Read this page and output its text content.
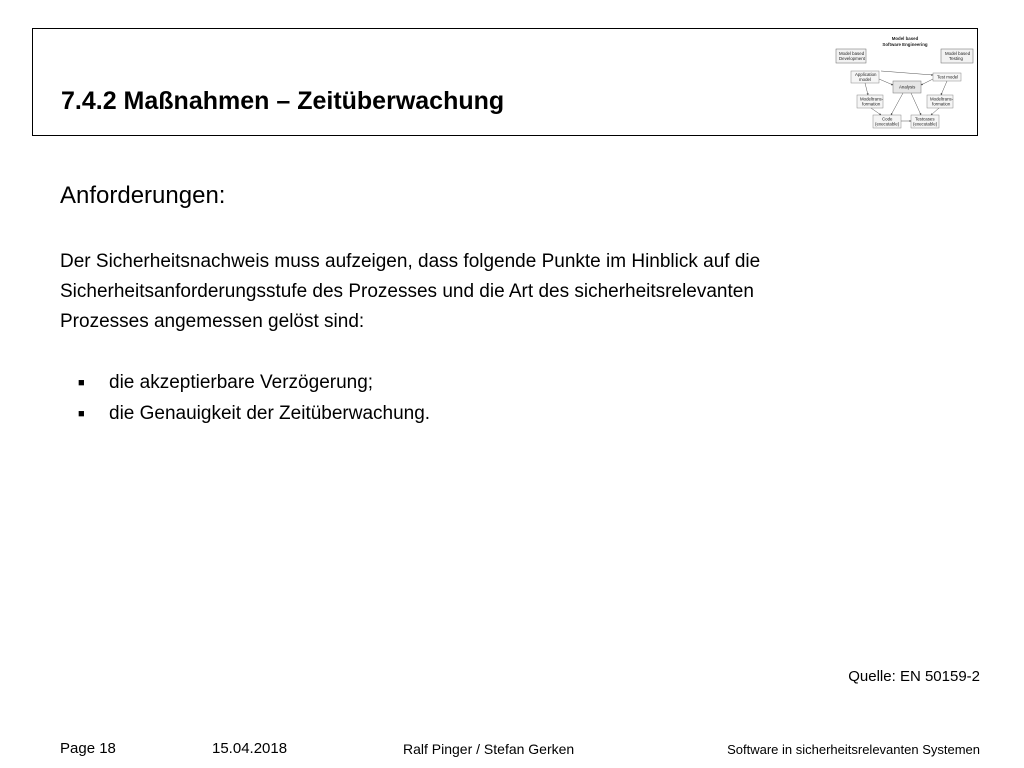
7.4.2 Maßnahmen – Zeitüberwachung
Model based
Software Engineering
Model based
Development
Model based
Testing
Application
model	Test model
Analysis
Modeltrans-
formation
Modeltrans-
formation
Code
(executable)
Testcases
(executable)
Anforderungen:
Der Sicherheitsnachweis muss aufzeigen, dass folgende Punkte im Hinblick auf die
Sicherheitsanforderungsstufe des Prozesses und die Art des sicherheitsrelevanten
Prozesses angemessen gelöst sind:
■ die akzeptierbare Verzögerung;
■ die Genauigkeit der Zeitüberwachung.
Quelle: EN 50159-2
Page 18	15.04.2018	Ralf Pinger / Stefan Gerken	Software in sicherheitsrelevanten Systemen
